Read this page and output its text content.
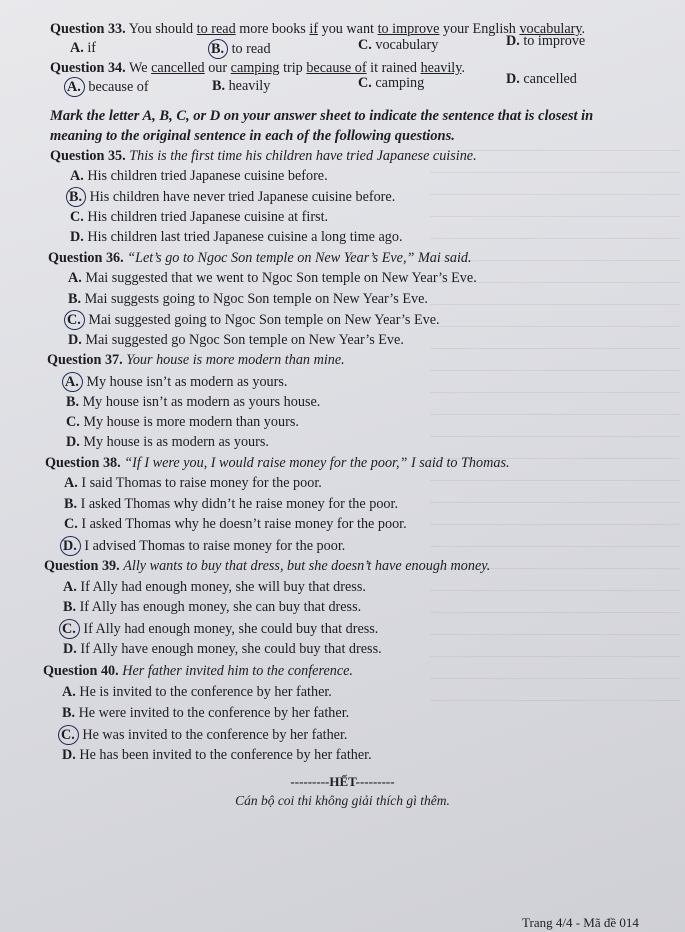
Question 33. You should to read more books if you want to improve your English vocabulary.
A. if	B. to read	C. vocabulary	D. to improve
Question 34. We cancelled our camping trip because of it rained heavily.
A. because of	B. heavily	C. camping	D. cancelled
Mark the letter A, B, C, or D on your answer sheet to indicate the sentence that is closest in
meaning to the original sentence in each of the following questions.
Question 35. This is the first time his children have tried Japanese cuisine.
A. His children tried Japanese cuisine before.
B. His children have never tried Japanese cuisine before.
C. His children tried Japanese cuisine at first.
D. His children last tried Japanese cuisine a long time ago.
Question 36. “Let’s go to Ngoc Son temple on New Year’s Eve,” Mai said.
A. Mai suggested that we went to Ngoc Son temple on New Year’s Eve.
B. Mai suggests going to Ngoc Son temple on New Year’s Eve.
C. Mai suggested going to Ngoc Son temple on New Year’s Eve.
D. Mai suggested go Ngoc Son temple on New Year’s Eve.
Question 37. Your house is more modern than mine.
A. My house isn’t as modern as yours.
B. My house isn’t as modern as yours house.
C. My house is more modern than yours.
D. My house is as modern as yours.
Question 38. “If I were you, I would raise money for the poor,” I said to Thomas.
A. I said Thomas to raise money for the poor.
B. I asked Thomas why didn’t he raise money for the poor.
C. I asked Thomas why he doesn’t raise money for the poor.
D. I advised Thomas to raise money for the poor.
Question 39. Ally wants to buy that dress, but she doesn’t have enough money.
A. If Ally had enough money, she will buy that dress.
B. If Ally has enough money, she can buy that dress.
C. If Ally had enough money, she could buy that dress.
D. If Ally have enough money, she could buy that dress.
Question 40. Her father invited him to the conference.
A. He is invited to the conference by her father.
B. He were invited to the conference by her father.
C. He was invited to the conference by her father.
D. He has been invited to the conference by her father.
---------HẾT---------
Cán bộ coi thi không giải thích gì thêm.
Trang 4/4 - Mã đề 014
